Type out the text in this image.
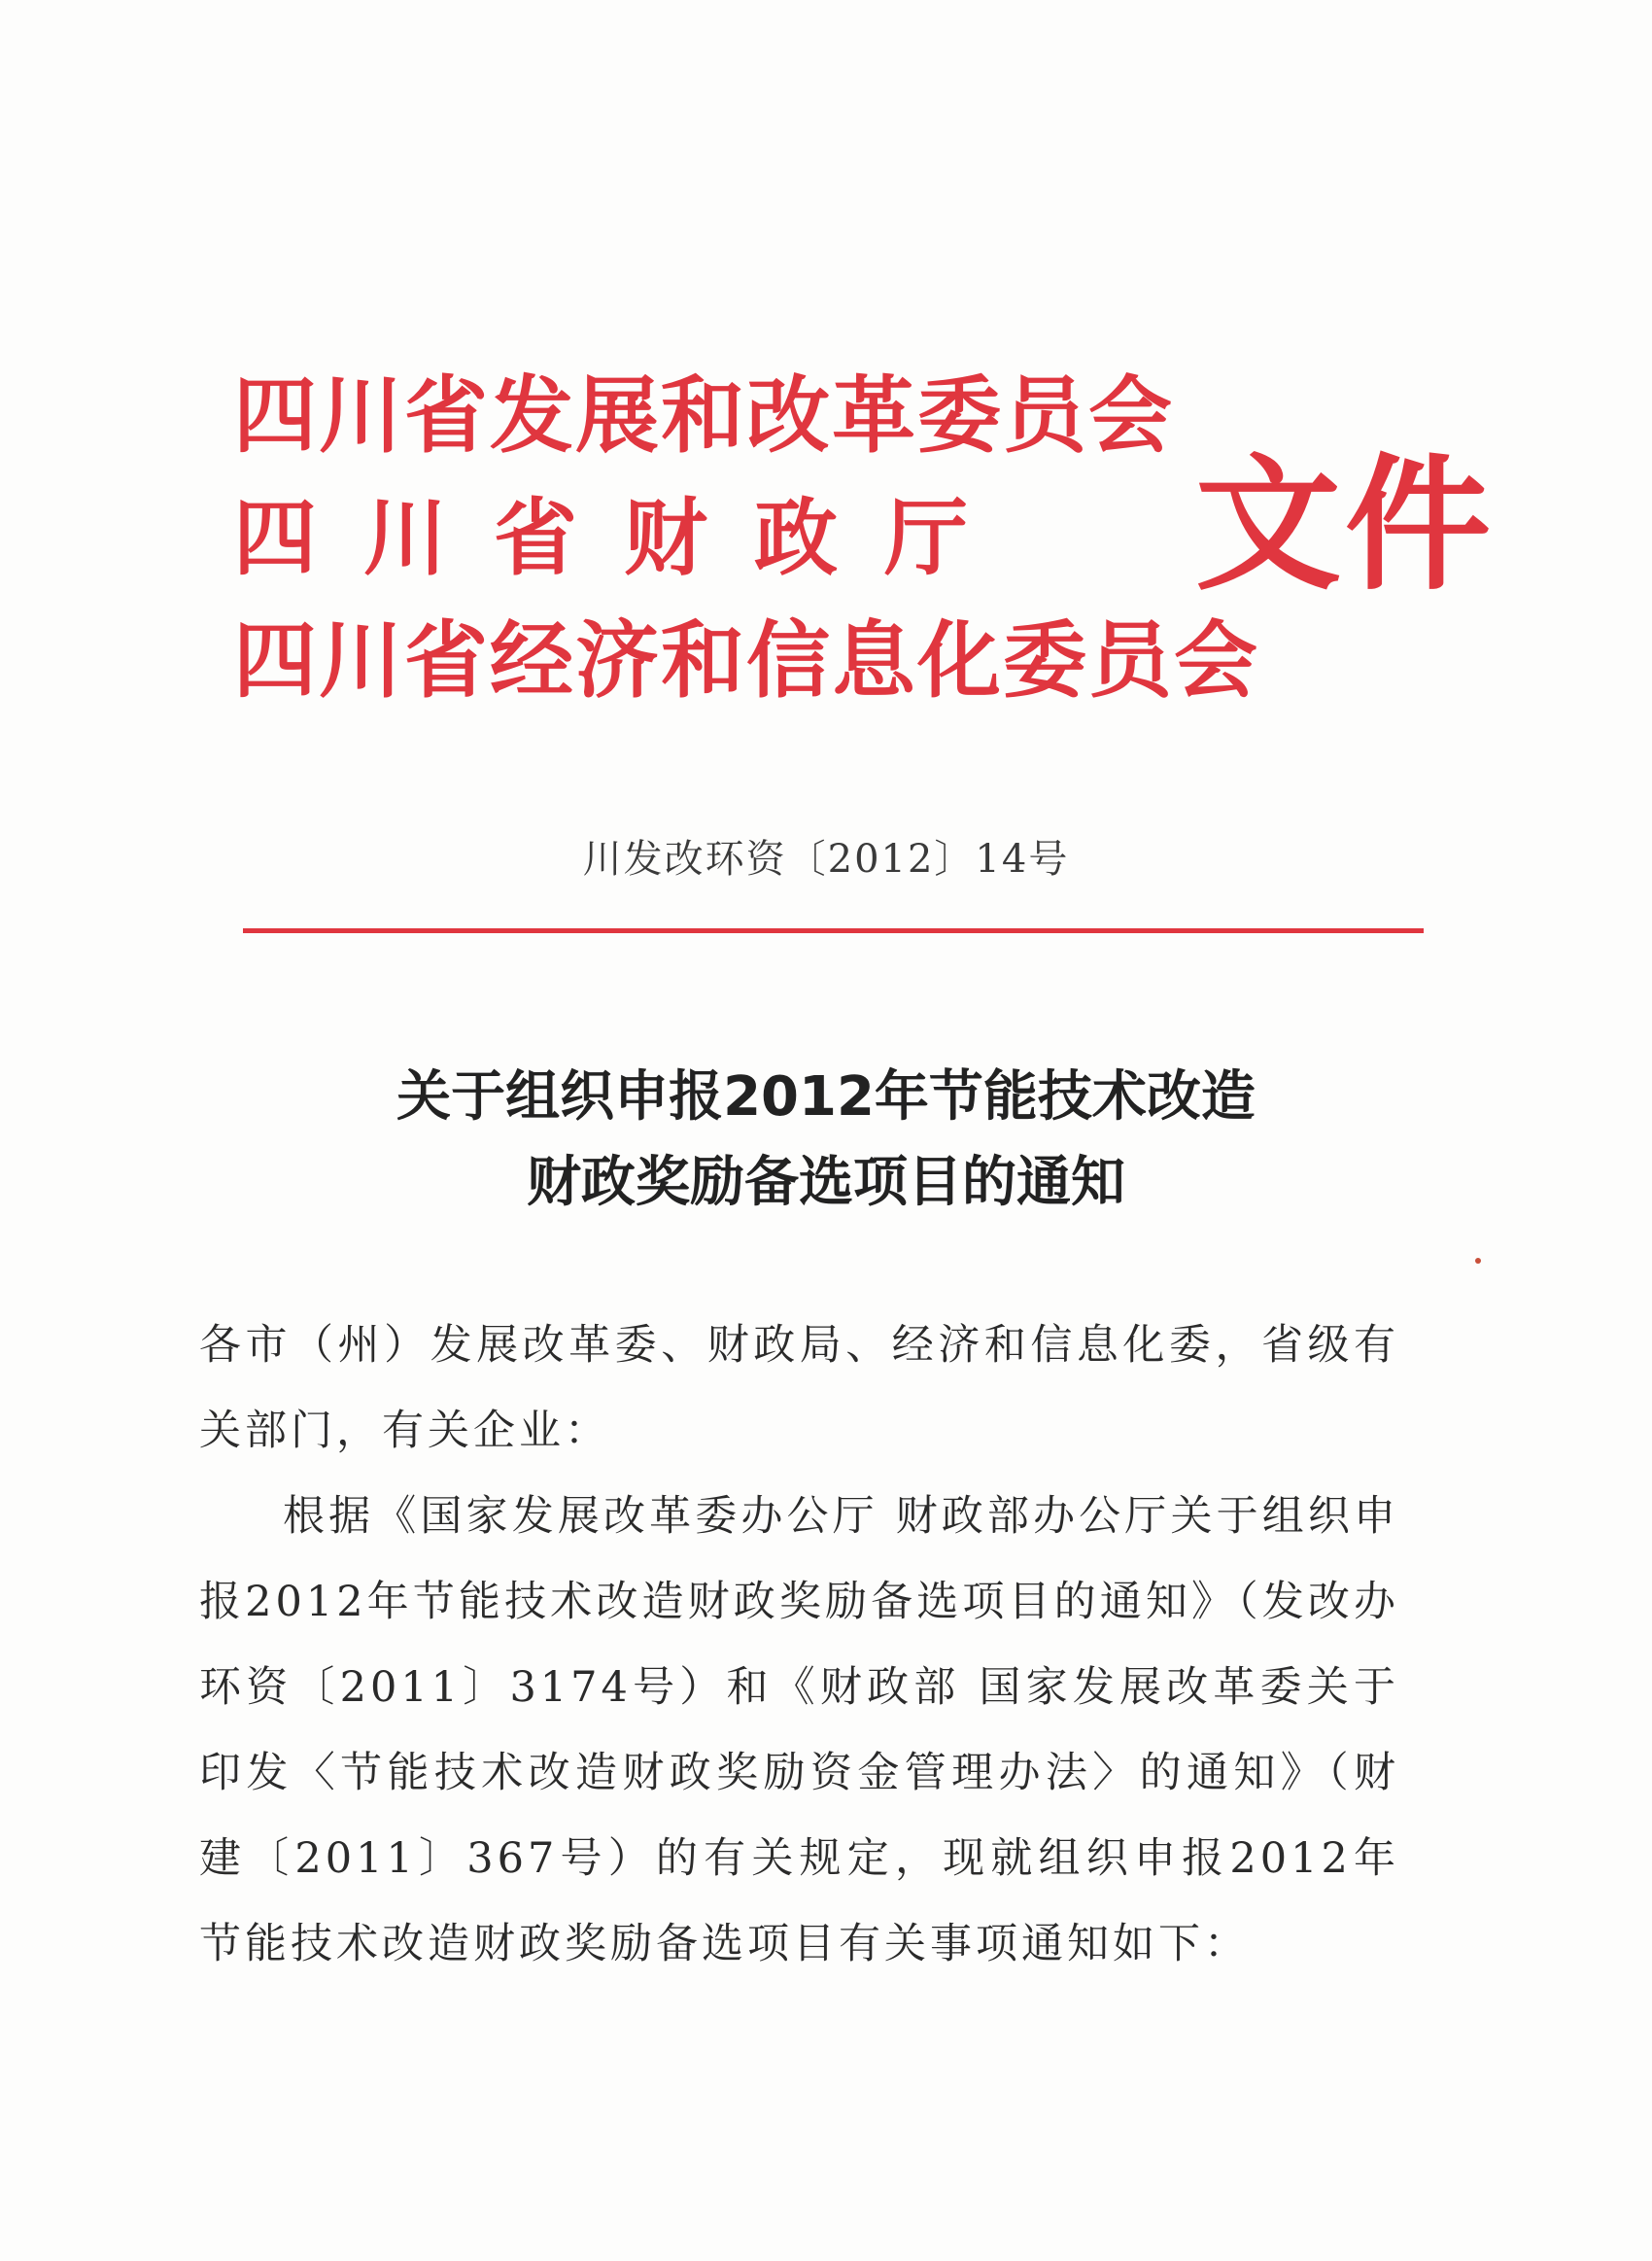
四川省发展和改革委员会
四川省财政厅
四川省经济和信息化委员会
文件
川发改环资〔2012〕14号
关于组织申报2012年节能技术改造
财政奖励备选项目的通知

各市（州）发展改革委、财政局、经济和信息化委，省级有关部门，有关企业：

根据《国家发展改革委办公厅 财政部办公厅关于组织申报2012年节能技术改造财政奖励备选项目的通知》（发改办环资〔2011〕3174号）和《财政部 国家发展改革委关于印发〈节能技术改造财政奖励资金管理办法〉的通知》（财建〔2011〕367号）的有关规定，现就组织申报2012年节能技术改造财政奖励备选项目有关事项通知如下：
